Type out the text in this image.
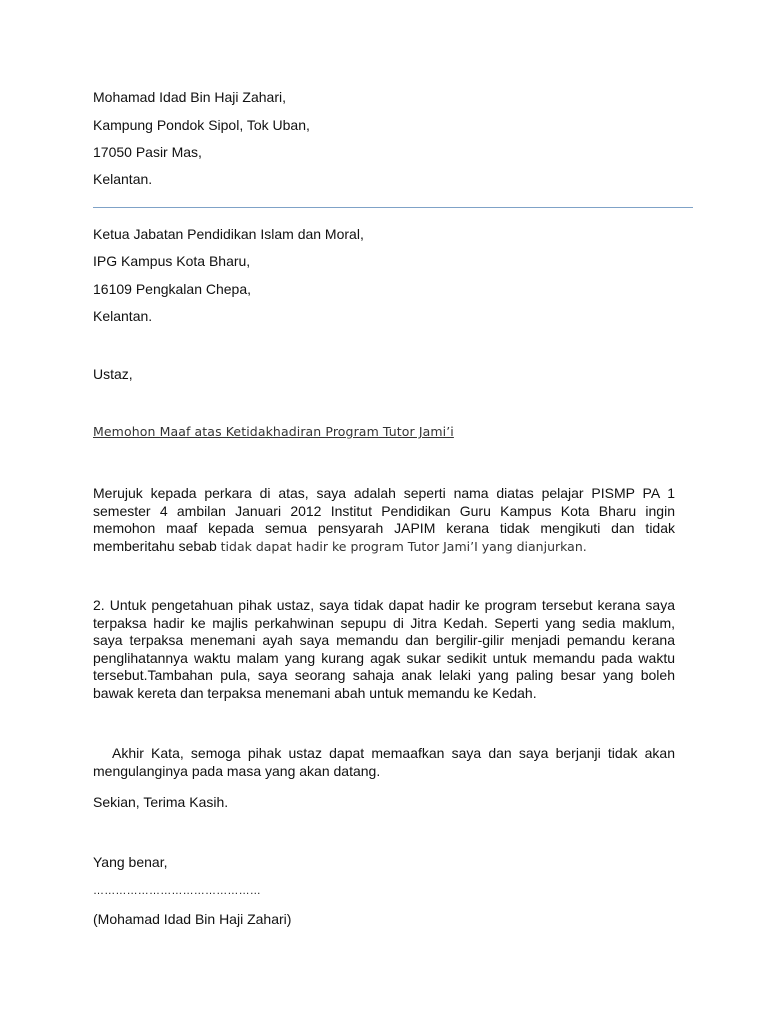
Mohamad Idad Bin Haji Zahari,
Kampung Pondok Sipol, Tok Uban,
17050 Pasir Mas,
Kelantan.
Ketua Jabatan Pendidikan Islam dan Moral,
IPG Kampus Kota Bharu,
16109 Pengkalan Chepa,
Kelantan.
Ustaz,
Memohon Maaf atas Ketidakhadiran Program Tutor Jami’i
Merujuk kepada perkara di atas, saya adalah seperti nama diatas pelajar PISMP PA 1 semester 4 ambilan Januari 2012 Institut Pendidikan Guru Kampus Kota Bharu ingin memohon maaf kepada semua pensyarah JAPIM kerana tidak mengikuti dan tidak memberitahu sebab tidak dapat hadir ke program Tutor Jami’I yang dianjurkan.
2. Untuk pengetahuan pihak ustaz, saya tidak dapat hadir ke program tersebut kerana saya terpaksa hadir ke majlis perkahwinan sepupu di Jitra Kedah. Seperti yang sedia maklum, saya terpaksa menemani ayah saya memandu dan bergilir-gilir menjadi pemandu kerana penglihatannya waktu malam yang kurang agak sukar sedikit untuk memandu pada waktu tersebut.Tambahan pula, saya seorang sahaja anak lelaki yang paling besar yang boleh bawak kereta dan terpaksa menemani abah untuk memandu ke Kedah.
Akhir Kata, semoga pihak ustaz dapat memaafkan saya dan saya berjanji tidak akan mengulanginya pada masa yang akan datang.
Sekian, Terima Kasih.
Yang benar,
………………………………………
(Mohamad Idad Bin Haji Zahari)
